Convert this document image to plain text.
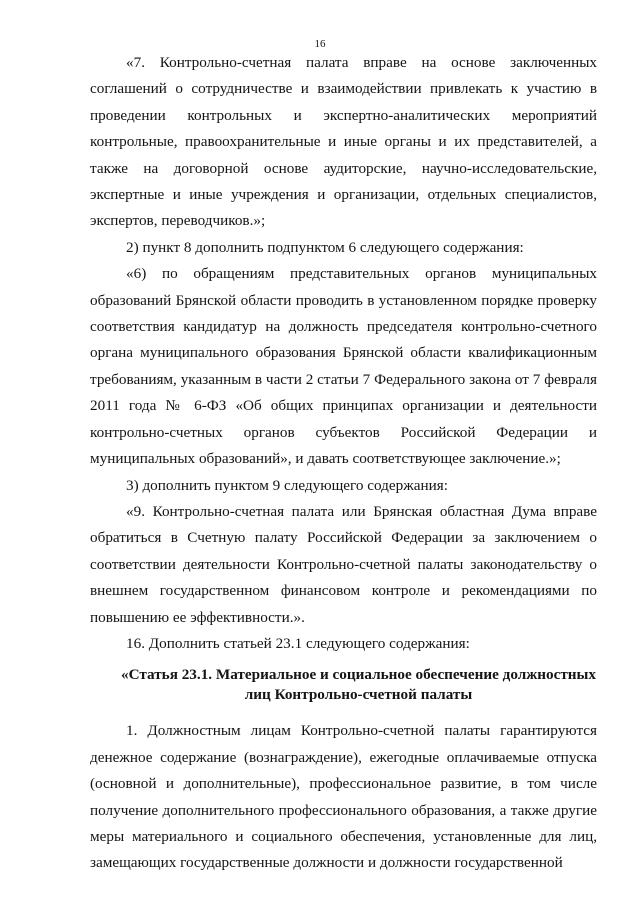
16

«7. Контрольно-счетная палата вправе на основе заключенных соглашений о сотрудничестве и взаимодействии привлекать к участию в проведении контрольных и экспертно-аналитических мероприятий контрольные, правоохранительные и иные органы и их представителей, а также на договорной основе аудиторские, научно-исследовательские, экспертные и иные учреждения и организации, отдельных специалистов, экспертов, переводчиков.»;

2) пункт 8 дополнить подпунктом 6 следующего содержания:

«6) по обращениям представительных органов муниципальных образований Брянской области проводить в установленном порядке проверку соответствия кандидатур на должность председателя контрольно-счетного органа муниципального образования Брянской области квалификационным требованиям, указанным в части 2 статьи 7 Федерального закона от 7 февраля 2011 года № 6-ФЗ «Об общих принципах организации и деятельности контрольно-счетных органов субъектов Российской Федерации и муниципальных образований», и давать соответствующее заключение.»;

3) дополнить пунктом 9 следующего содержания:

«9. Контрольно-счетная палата или Брянская областная Дума вправе обратиться в Счетную палату Российской Федерации за заключением о соответствии деятельности Контрольно-счетной палаты законодательству о внешнем государственном финансовом контроле и рекомендациями по повышению ее эффективности.».

16. Дополнить статьей 23.1 следующего содержания:

«Статья 23.1. Материальное и социальное обеспечение должностных
лиц Контрольно-счетной палаты

1. Должностным лицам Контрольно-счетной палаты гарантируются денежное содержание (вознаграждение), ежегодные оплачиваемые отпуска (основной и дополнительные), профессиональное развитие, в том числе получение дополнительного профессионального образования, а также другие меры материального и социального обеспечения, установленные для лиц, замещающих государственные должности и должности государственной
